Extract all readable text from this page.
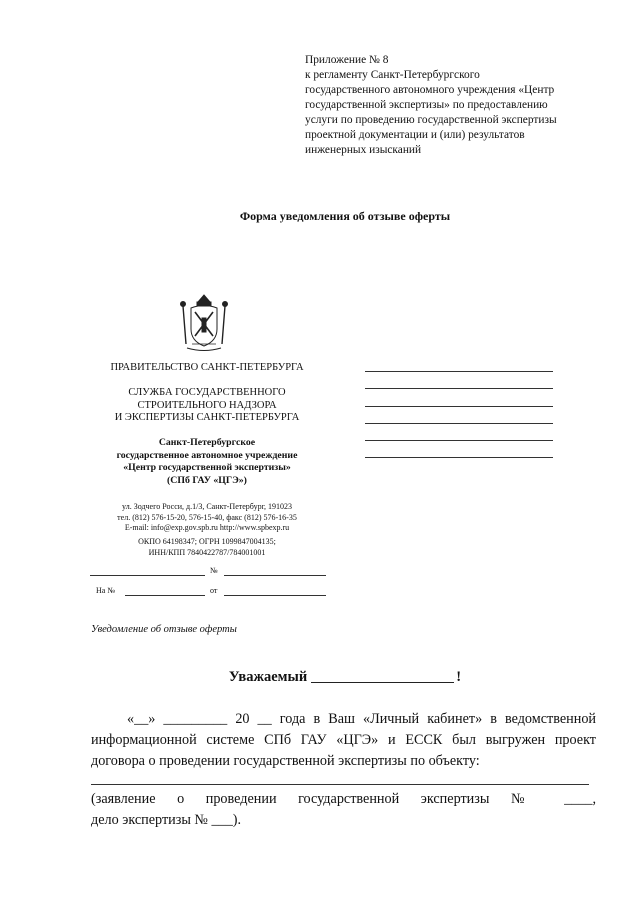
Приложение № 8
к регламенту Санкт-Петербургского
государственного автономного учреждения «Центр
государственной экспертизы» по предоставлению
услуги по проведению государственной экспертизы
проектной документации и (или) результатов
инженерных изысканий
Форма уведомления об отзыве оферты
ПРАВИТЕЛЬСТВО САНКТ-ПЕТЕРБУРГА
СЛУЖБА ГОСУДАРСТВЕННОГО
СТРОИТЕЛЬНОГО НАДЗОРА
И ЭКСПЕРТИЗЫ САНКТ-ПЕТЕРБУРГА
Санкт-Петербургское
государственное автономное учреждение
«Центр государственной экспертизы»
(СПб ГАУ «ЦГЭ»)
ул. Зодчего Росси, д.1/3, Санкт-Петербург, 191023
тел. (812) 576-15-20, 576-15-40, факс (812) 576-16-35
E-mail: info@exp.gov.spb.ru http://www.spbexp.ru
ОКПО 64198347; ОГРН 1099847004135;
ИНН/КПП 7840422787/784001001
№
На №	от
Уведомление об отзыве оферты
Уважаемый	!
«__» _________ 20 __ года в Ваш «Личный кабинет» в ведомственной
информационной системе СПб ГАУ «ЦГЭ» и ЕССК был выгружен проект
договора о проведении государственной экспертизы по объекту:
(заявление о проведении государственной экспертизы № ____,
дело экспертизы № ___).
